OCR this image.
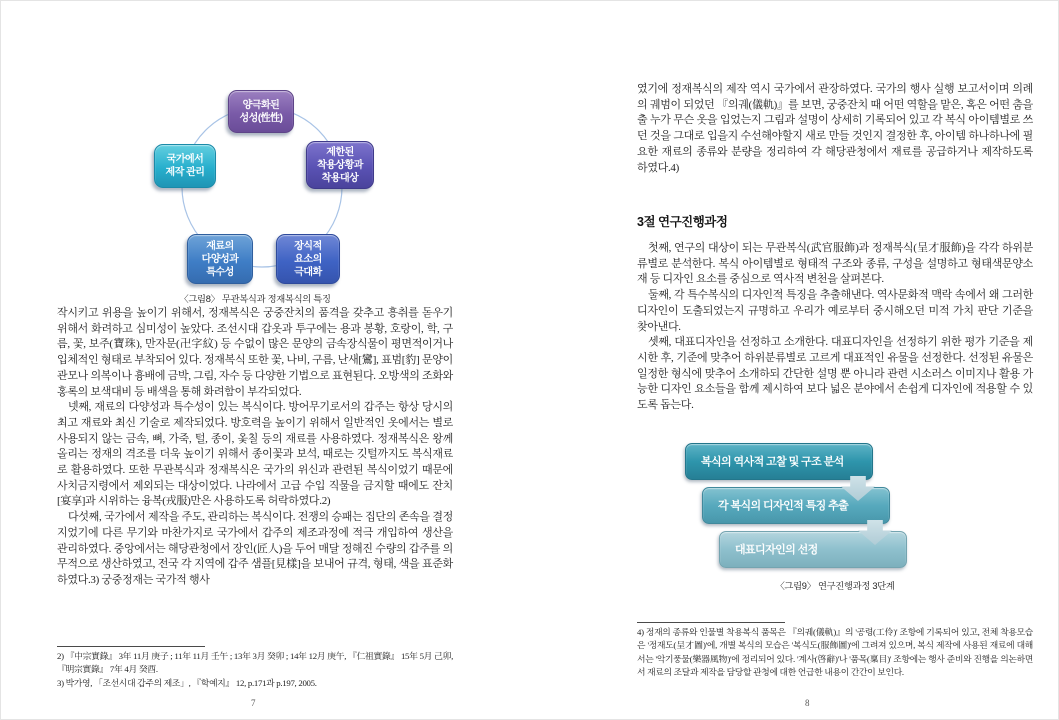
양극화된
성성(性性)
제한된
착용상황과
착용대상
장식적
요소의
극대화
재료의
다양성과
특수성
국가에서
제작 관리
〈그림8〉 무관복식과 정재복식의 특징

작시키고 위용을 높이기 위해서, 정재복식은 궁중잔치의 품격을 갖추고 흥취를 돋우기 위해서 화려하고 심미성이 높았다. 조선시대 갑옷과 투구에는 용과 봉황, 호랑이, 학, 구름, 꽃, 보주(寶珠), 만자문(卍字紋) 등 수없이 많은 문양의 금속장식물이 평면적이거나 입체적인 형태로 부착되어 있다. 정재복식 또한 꽃, 나비, 구름, 난새[鸞], 표범[豹] 문양이 관모나 의복이나 흉배에 금박, 그림, 자수 등 다양한 기법으로 표현된다. 오방색의 조화와 홍록의 보색대비 등 배색을 통해 화려함이 부각되었다.

넷째, 재료의 다양성과 특수성이 있는 복식이다. 방어무기로서의 갑주는 항상 당시의 최고 재료와 최신 기술로 제작되었다. 방호력을 높이기 위해서 일반적인 옷에서는 별로 사용되지 않는 금속, 뼈, 가죽, 털, 종이, 옻칠 등의 재료를 사용하였다. 정재복식은 왕께 올리는 정재의 격조를 더욱 높이기 위해서 종이꽃과 보석, 때로는 깃털까지도 복식재료로 활용하였다. 또한 무관복식과 정재복식은 국가의 위신과 관련된 복식이었기 때문에 사치금지령에서 제외되는 대상이었다. 나라에서 고급 수입 직물을 금지할 때에도 잔치[宴享]과 시위하는 융복(戎服)만은 사용하도록 허락하였다.2)

다섯째, 국가에서 제작을 주도, 관리하는 복식이다. 전쟁의 승패는 집단의 존속을 결정지었기에 다른 무기와 마찬가지로 국가에서 갑주의 제조과정에 적극 개입하여 생산을 관리하였다. 중앙에서는 해당관청에서 장인(匠人)을 두어 매달 정해진 수량의 갑주를 의무적으로 생산하였고, 전국 각 지역에 갑주 샘플[見樣]을 보내어 규격, 형태, 색을 표준화하였다.3) 궁중정재는 국가적 행사

2) 『中宗實錄』 3年 11月 庚子 ; 11年 11月 壬午 ; 13年 3月 癸卯 ; 14年 12月 庚午, 『仁祖實錄』 15年 5月 己卯, 『明宗實錄』 7年 4月 癸酉.

3) 박가영, 「조선시대 갑주의 제조」, 『학예지』 12, p.171과 p.197, 2005.

7

였기에 정재복식의 제작 역시 국가에서 관장하였다. 국가의 행사 실행 보고서이며 의례의 궤범이 되었던 『의궤(儀軌)』를 보면, 궁중잔치 때 어떤 역할을 맡은, 혹은 어떤 춤을 출 누가 무슨 옷을 입었는지 그림과 설명이 상세히 기록되어 있고 각 복식 아이템별로 쓰던 것을 그대로 입을지 수선해야할지 새로 만들 것인지 결정한 후, 아이템 하나하나에 필요한 재료의 종류와 분량을 정리하여 각 해당관청에서 재료를 공급하거나 제작하도록 하였다.4)

3절 연구진행과정

첫째, 연구의 대상이 되는 무관복식(武官服飾)과 정재복식(呈才服飾)을 각각 하위분류별로 분석한다. 복식 아이템별로 형태적 구조와 종류, 구성을 설명하고 형태색문양소재 등 디자인 요소를 중심으로 역사적 변천을 살펴본다.

둘째, 각 특수복식의 디자인적 특징을 추출해낸다. 역사문화적 맥락 속에서 왜 그러한 디자인이 도출되었는지 규명하고 우리가 예로부터 중시해오던 미적 가치 판단 기준을 찾아낸다.

셋째, 대표디자인을 선정하고 소개한다. 대표디자인을 선정하기 위한 평가 기준을 제시한 후, 기준에 맞추어 하위분류별로 고르게 대표적인 유물을 선정한다. 선정된 유물은 일정한 형식에 맞추어 소개하되 간단한 설명 뿐 아니라 관련 시소러스 이미지나 활용 가능한 디자인 요소들을 함께 제시하여 보다 넓은 분야에서 손쉽게 디자인에 적용할 수 있도록 돕는다.

복식의 역사적 고찰 및 구조 분석
각 복식의 디자인적 특징 추출
대표디자인의 선정
〈그림9〉 연구진행과정 3단계

4) 정재의 종류와 인물별 착용복식 품목은 『의궤(儀軌)』의 '공령(工伶)' 조항에 기록되어 있고, 전체 착용모습은 '정재도(呈才圖)'에, 개별 복식의 모습은 '복식도(服飾圖)'에 그려져 있으며, 복식 제작에 사용된 재료에 대해서는 '악기풍물(樂器風物)'에 정리되어 있다. '계사(啓辭)'나 '품목(稟目)' 조항에는 행사 준비와 진행을 의논하면서 재료의 조달과 제작을 담당할 관청에 대한 언급한 내용이 간간이 보인다.

8
